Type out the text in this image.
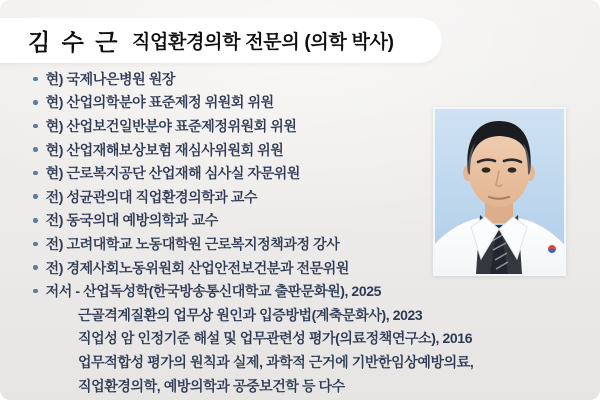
김 수 근 직업환경의학 전문의 (의학 박사)
현) 국제나은병원 원장
현) 산업의학분야 표준제정 위원회 위원
현) 산업보건일반분야 표준제정위원회 위원
현) 산업재해보상보험 재심사위원회 위원
현) 근로복지공단 산업재해 심사실 자문위원
전) 성균관의대 직업환경의학과 교수
전) 동국의대 예방의학과 교수
전) 고려대학교 노동대학원 근로복지정책과정 강사
전) 경제사회노동위원회 산업안전보건분과 전문위원
저서 - 산업독성학(한국방송통신대학교 출판문화원), 2025
근골격계질환의 업무상 원인과 입증방법(계축문화사), 2023
직업성 암 인정기준 해설 및 업무관련성 평가(의료정책연구소), 2016
업무적합성 평가의 원칙과 실제, 과학적 근거에 기반한임상예방의료,
직업환경의학, 예방의학과 공중보건학 등 다수
